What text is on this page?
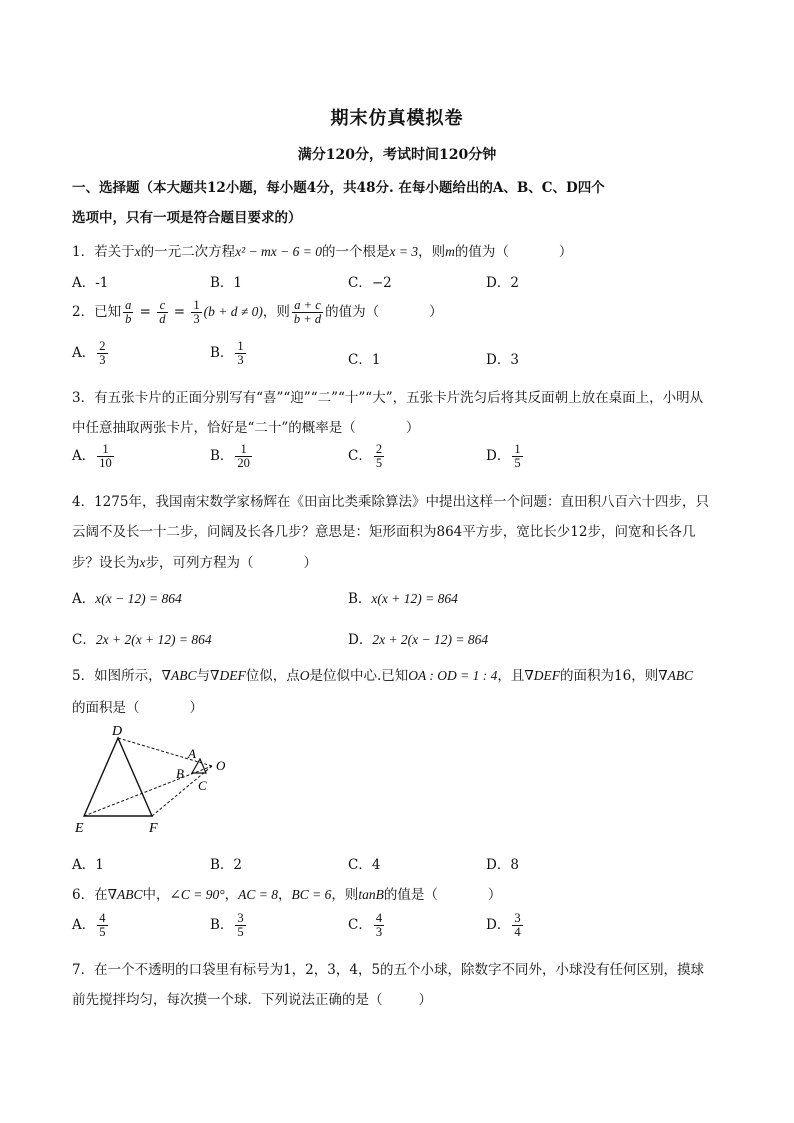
期末仿真模拟卷
满分120分，考试时间120分钟
一、选择题（本大题共12小题，每小题4分，共48分. 在每小题给出的A、B、C、D四个
选项中，只有一项是符合题目要求的）
1．若关于x的一元二次方程x² − mx − 6 = 0的一个根是x = 3，则m的值为（	）
A．-1	B．1	C．−2	D．2
2．已知 $\frac{a}{b} = \frac{c}{d} = \frac{1}{3} (b + d \ne 0)$，则 $\frac{a + c}{b + d}$ 的值为（	）
A． $\frac{2}{3}$	B． $\frac{1}{3}$	C．1	D．3
3．有五张卡片的正面分别写有“喜”“迎”“二”“十”“大”，五张卡片洗匀后将其反面朝上放在桌面上，小明从
中任意抽取两张卡片，恰好是“二十”的概率是（	）
A． $\frac{1}{10}$	B． $\frac{1}{20}$	C． $\frac{2}{5}$	D． $\frac{1}{5}$
4．1275年，我国南宋数学家杨辉在《田亩比类乘除算法》中提出这样一个问题：直田积八百六十四步，只
云阔不及长一十二步，问阔及长各几步？意思是：矩形面积为864平方步，宽比长少12步，问宽和长各几
步？设长为x步，可列方程为（	）
A．x(x − 12) = 864	B．x(x + 12) = 864
C．2x + 2(x + 12) = 864	D．2x + 2(x − 12) = 864
5．如图所示，∇ABC与∇DEF位似，点O是位似中心.已知OA : OD = 1 : 4，且∇DEF的面积为16，则∇ABC
的面积是（	）
D
A
B
O
C
E	F
A．1	B．2	C．4	D．8
6．在∇ABC中，∠C = 90°，AC = 8，BC = 6，则tanB的值是（	）
A． $\frac{4}{5}$	B． $\frac{3}{5}$	C． $\frac{4}{3}$	D． $\frac{3}{4}$
7．在一个不透明的口袋里有标号为1，2，3，4，5的五个小球，除数字不同外，小球没有任何区别，摸球
前先搅拌均匀，每次摸一个球．下列说法正确的是（	）
